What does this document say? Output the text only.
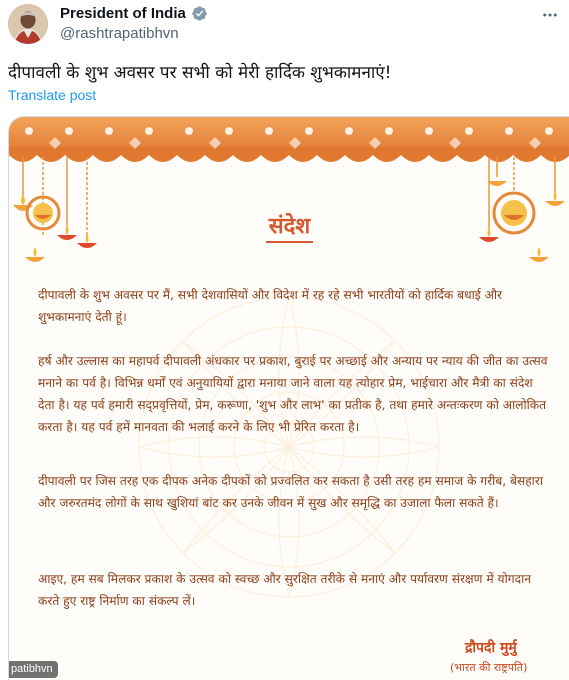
President of India
@rashtrapatibhvn
दीपावली के शुभ अवसर पर सभी को मेरी हार्दिक शुभकामनाएं!
Translate post
संदेश
दीपावली के शुभ अवसर पर मैं, सभी देशवासियों और विदेश में रह रहे सभी भारतीयों को हार्दिक बधाई और शुभकामनाएं देती हूं।
हर्ष और उल्लास का महापर्व दीपावली अंधकार पर प्रकाश, बुराई पर अच्छाई और अन्याय पर न्याय की जीत का उत्सव मनाने का पर्व है। विभिन्न धर्मों एवं अनुयायियों द्वारा मनाया जाने वाला यह त्योहार प्रेम, भाईचारा और मैत्री का संदेश देता है। यह पर्व हमारी सद्प्रवृत्तियों, प्रेम, करूणा, 'शुभ और लाभ' का प्रतीक है, तथा हमारे अन्तःकरण को आलोकित करता है। यह पर्व हमें मानवता की भलाई करने के लिए भी प्रेरित करता है।
दीपावली पर जिस तरह एक दीपक अनेक दीपकों को प्रज्वलित कर सकता है उसी तरह हम समाज के गरीब, बेसहारा और जरुरतमंद लोगों के साथ खुशियां बांट कर उनके जीवन में सुख और समृद्धि का उजाला फैला सकते हैं।
आइए, हम सब मिलकर प्रकाश के उत्सव को स्वच्छ और सुरक्षित तरीके से मनाएं और पर्यावरण संरक्षण में योगदान करते हुए राष्ट्र निर्माण का संकल्प लें।
द्रौपदी मुर्मु
(भारत की राष्ट्रपति)
patibhvn
